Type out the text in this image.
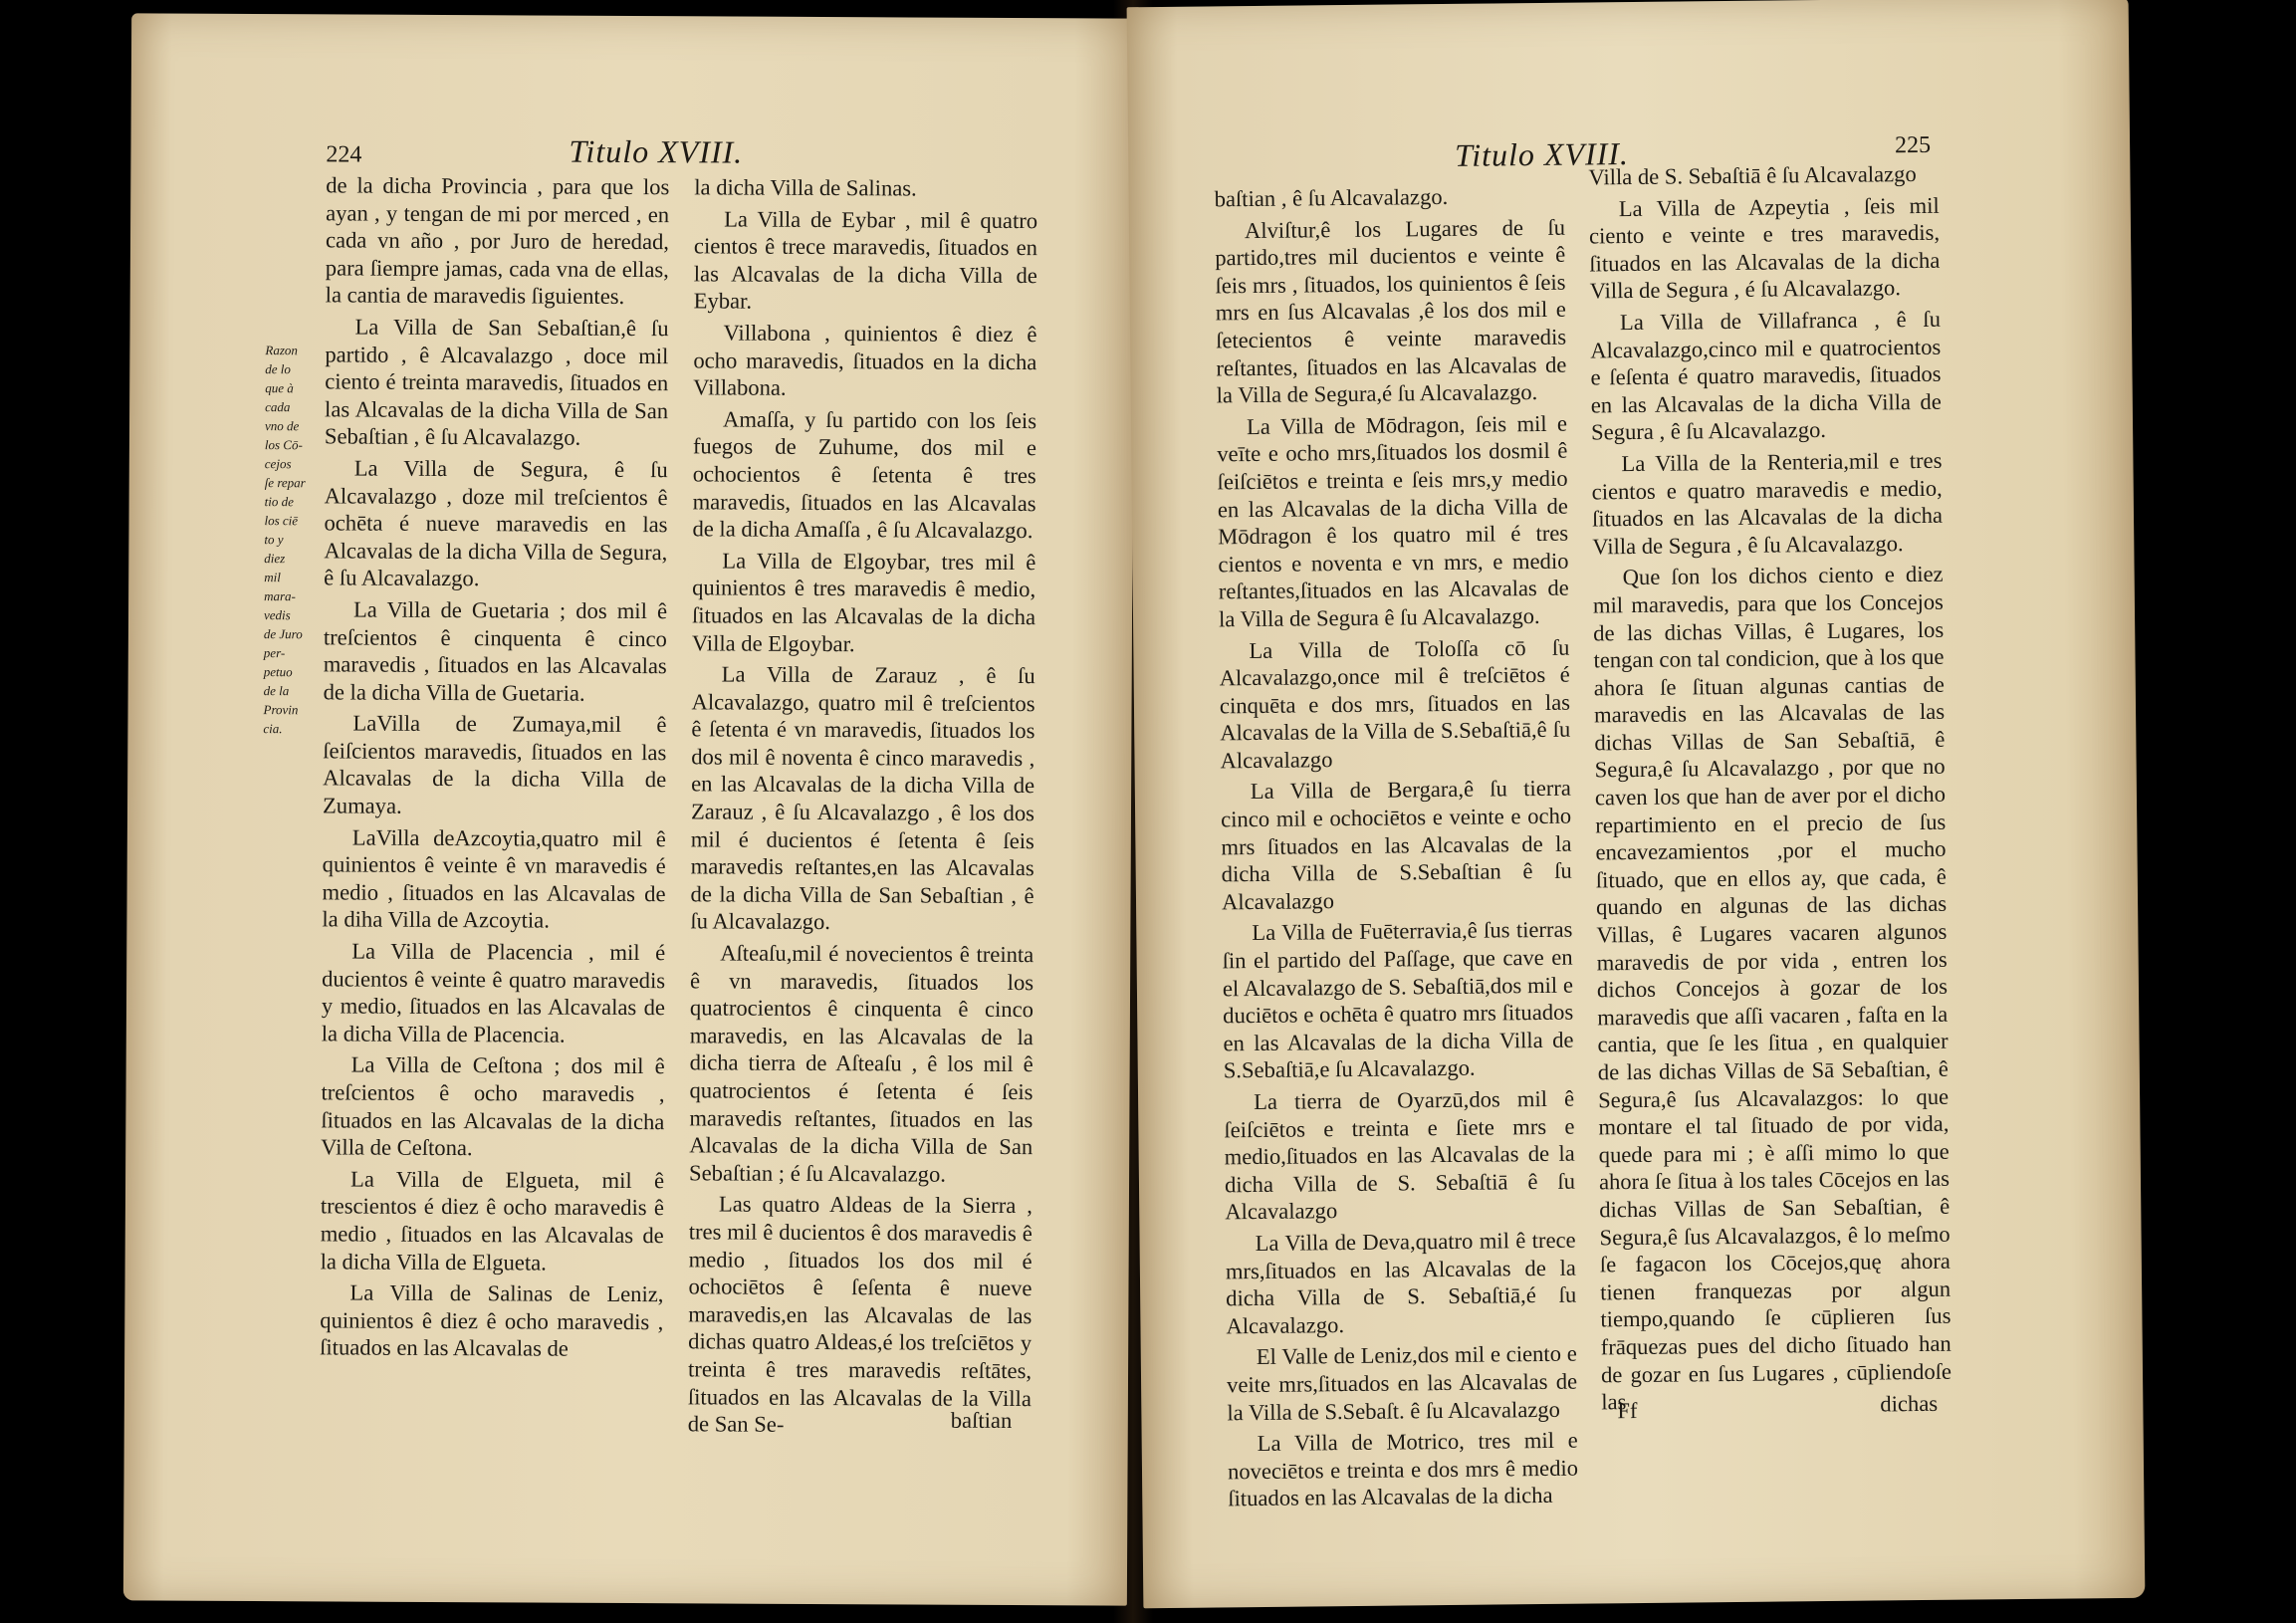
224	Titulo XVIII.
Razon
de lo
que à
cada
vno de
los Cō-
cejos
ſe repar
tio de
los ciē
to y
diez
mil
mara-
vedis
de Juro
per-
petuo
de la
Provin
cia.

de la dicha Provincia , para que los ayan , y tengan de mi por merced , en cada vn año , por Juro de heredad, para ſiempre jamas, cada vna de ellas, la cantia de maravedis ſiguientes.

La Villa de San Sebaſtian,ê ſu partido , ê Alcavalazgo , doce mil ciento é treinta maravedis, ſituados en las Alcavalas de la dicha Villa de San Sebaſtian , ê ſu Alcavalazgo.

La Villa de Segura, ê ſu Alcavalazgo , doze mil treſcientos ê ochēta é nueve maravedis en las Alcavalas de la dicha Villa de Segura, ê ſu Alcavalazgo.

La Villa de Guetaria ; dos mil ê treſcientos ê cinquenta ê cinco maravedis , ſituados en las Alcavalas de la dicha Villa de Guetaria.

LaVilla de Zumaya,mil ê ſeiſcientos maravedis, ſituados en las Alcavalas de la dicha Villa de Zumaya.

LaVilla deAzcoytia,quatro mil ê quinientos ê veinte ê vn maravedis é medio , ſituados en las Alcavalas de la diha Villa de Azcoytia.

La Villa de Placencia , mil é ducientos ê veinte ê quatro maravedis y medio, ſituados en las Alcavalas de la dicha Villa de Placencia.

La Villa de Ceſtona ; dos mil ê treſcientos ê ocho maravedis , ſituados en las Alcavalas de la dicha Villa de Ceſtona.

La Villa de Elgueta, mil ê trescientos é diez ê ocho maravedis ê medio , ſituados en las Alcavalas de la dicha Villa de Elgueta.

La Villa de Salinas de Leniz, quinientos ê diez ê ocho maravedis , ſituados en las Alcavalas de

la dicha Villa de Salinas.

La Villa de Eybar , mil ê quatro cientos ê trece maravedis, ſituados en las Alcavalas de la dicha Villa de Eybar.

Villabona , quinientos ê diez ê ocho maravedis, ſituados en la dicha Villabona.

Amaſſa, y ſu partido con los ſeis fuegos de Zuhume, dos mil e ochocientos ê ſetenta ê tres maravedis, ſituados en las Alcavalas de la dicha Amaſſa , ê ſu Alcavalazgo.

La Villa de Elgoybar, tres mil ê quinientos ê tres maravedis ê medio, ſituados en las Alcavalas de la dicha Villa de Elgoybar.

La Villa de Zarauz , ê ſu Alcavalazgo, quatro mil ê treſcientos ê ſetenta é vn maravedis, ſituados los dos mil ê noventa ê cinco maravedis , en las Alcavalas de la dicha Villa de Zarauz , ê ſu Alcavalazgo , ê los dos mil é ducientos é ſetenta ê ſeis maravedis reſtantes,en las Alcavalas de la dicha Villa de San Sebaſtian , ê ſu Alcavalazgo.

Aſteaſu,mil é novecientos ê treinta ê vn maravedis, ſituados los quatrocientos ê cinquenta ê cinco maravedis, en las Alcavalas de la dicha tierra de Aſteaſu , ê los mil ê quatrocientos é ſetenta é ſeis maravedis reſtantes, ſituados en las Alcavalas de la dicha Villa de San Sebaſtian ; é ſu Alcavalazgo.

Las quatro Aldeas de la Sierra , tres mil ê ducientos ê dos maravedis ê medio , ſituados los dos mil é ochociētos ê ſeſenta ê nueve maravedis,en las Alcavalas de las dichas quatro Aldeas,é los treſciētos y treinta ê tres maravedis reſtātes, ſituados en las Alcavalas de la Villa de San Se-	baſtian
Titulo XVIII.	225

baſtian , ê ſu Alcavalazgo.

Alviſtur,ê los Lugares de ſu partido,tres mil ducientos e veinte ê ſeis mrs , ſituados, los quinientos ê ſeis mrs en ſus Alcavalas ,ê los dos mil e ſetecientos ê veinte maravedis reſtantes, ſituados en las Alcavalas de la Villa de Segura,é ſu Alcavalazgo.

La Villa de Mōdragon, ſeis mil e veīte e ocho mrs,ſituados los dosmil ê ſeiſciētos e treinta e ſeis mrs,y medio en las Alcavalas de la dicha Villa de Mōdragon ê los quatro mil é tres cientos e noventa e vn mrs, e medio reſtantes,ſituados en las Alcavalas de la Villa de Segura ê ſu Alcavalazgo.

La Villa de Toloſſa cō ſu Alcavalazgo,once mil ê treſciētos é cinquēta e dos mrs, ſituados en las Alcavalas de la Villa de S.Sebaſtiā,ê ſu Alcavalazgo

La Villa de Bergara,ê ſu tierra cinco mil e ochociētos e veinte e ocho mrs ſituados en las Alcavalas de la dicha Villa de S.Sebaſtian ê ſu Alcavalazgo

La Villa de Fuēterravia,ê ſus tierras ſin el partido del Paſſage, que cave en el Alcavalazgo de S. Sebaſtiā,dos mil e duciētos e ochēta ê quatro mrs ſituados en las Alcavalas de la dicha Villa de S.Sebaſtiā,e ſu Alcavalazgo.

La tierra de Oyarzū,dos mil ê ſeiſciētos e treinta e ſiete mrs e medio,ſituados en las Alcavalas de la dicha Villa de S. Sebaſtiā ê ſu Alcavalazgo

La Villa de Deva,quatro mil ê trece mrs,ſituados en las Alcavalas de la dicha Villa de S. Sebaſtiā,é ſu Alcavalazgo.

El Valle de Leniz,dos mil e ciento e veite mrs,ſituados en las Alcavalas de la Villa de S.Sebaſt. ê ſu Alcavalazgo

La Villa de Motrico, tres mil e noveciētos e treinta e dos mrs ê medio ſituados en las Alcavalas de la dicha

Villa de S. Sebaſtiā ê ſu Alcavalazgo

La Villa de Azpeytia , ſeis mil ciento e veinte e tres maravedis, ſituados en las Alcavalas de la dicha Villa de Segura , é ſu Alcavalazgo.

La Villa de Villafranca , ê ſu Alcavalazgo,cinco mil e quatrocientos e ſeſenta é quatro maravedis, ſituados en las Alcavalas de la dicha Villa de Segura , ê ſu Alcavalazgo.

La Villa de la Renteria,mil e tres cientos e quatro maravedis e medio, ſituados en las Alcavalas de la dicha Villa de Segura , ê ſu Alcavalazgo.

Que ſon los dichos ciento e diez mil maravedis, para que los Concejos de las dichas Villas, ê Lugares, los tengan con tal condicion, que à los que ahora ſe ſituan algunas cantias de maravedis en las Alcavalas de las dichas Villas de San Sebaſtiā, ê Segura,ê ſu Alcavalazgo , por que no caven los que han de aver por el dicho repartimiento en el precio de ſus encavezamientos ,por el mucho ſituado, que en ellos ay, que cada, ê quando en algunas de las dichas Villas, ê Lugares vacaren algunos maravedis de por vida , entren los dichos Concejos à gozar de los maravedis que aſſi vacaren , faſta en la cantia, que ſe les ſitua , en qualquier de las dichas Villas de Sā Sebaſtian, ê Segura,ê ſus Alcavalazgos: lo que montare el tal ſituado de por vida, quede para mi ; è aſſi mimo lo que ahora ſe ſitua à los tales Cōcejos en las dichas Villas de San Sebaſtian, ê Segura,ê ſus Alcavalazgos, ê lo meſmo ſe fagacon los Cōcejos,quę ahora tienen franquezas por algun tiempo,quando ſe cūplieren ſus frāquezas pues del dicho ſituado han de gozar en ſus Lugares , cūpliendoſe las

Ff	dichas
